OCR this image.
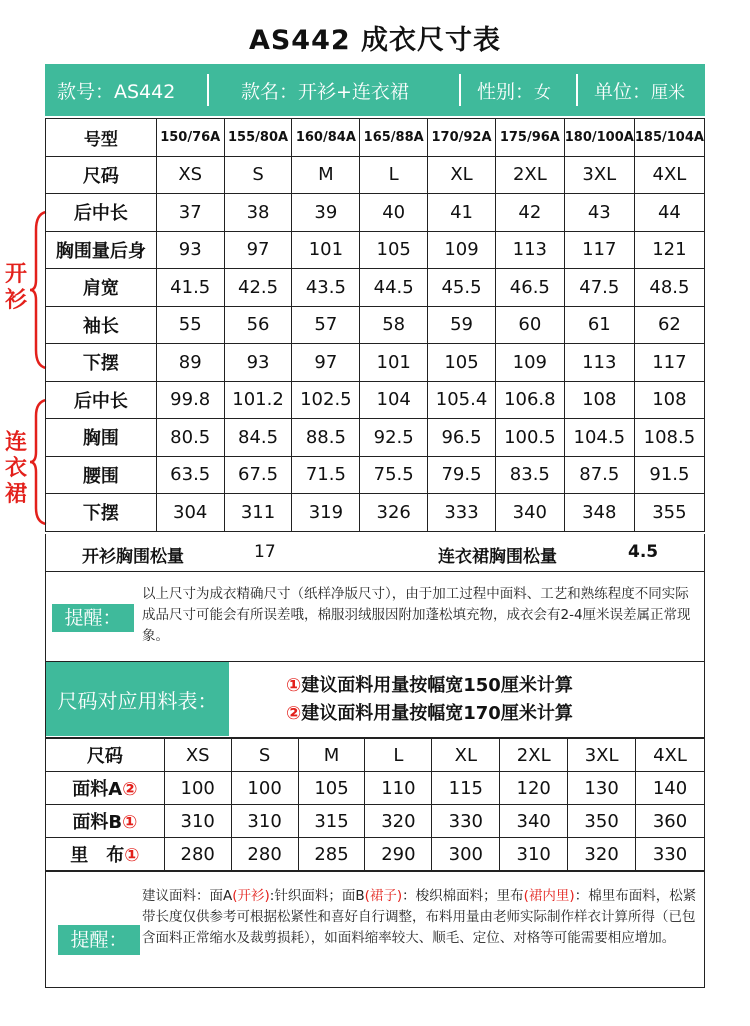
AS442 成衣尺寸表
款号：AS442	款名：开衫+连衣裙	性别： 女	单位： 厘米
开衫
连衣裙
号型	150/76A	155/80A	160/84A	165/88A	170/92A	175/96A	180/100A	185/104A
尺码	XS	S	M	L	XL	2XL	3XL	4XL
后中长	37	38	39	40	41	42	43	44
胸围量后身	93	97	101	105	109	113	117	121
肩宽	41.5	42.5	43.5	44.5	45.5	46.5	47.5	48.5
袖长	55	56	57	58	59	60	61	62
下摆	89	93	97	101	105	109	113	117
后中长	99.8	101.2	102.5	104	105.4	106.8	108	108
胸围	80.5	84.5	88.5	92.5	96.5	100.5	104.5	108.5
腰围	63.5	67.5	71.5	75.5	79.5	83.5	87.5	91.5
下摆	304	311	319	326	333	340	348	355
开衫胸围松量	17	连衣裙胸围松量	4.5
提醒：
以上尺寸为成衣精确尺寸（纸样净版尺寸），由于加工过程中面料、工艺和熟练程度不同实际成品尺寸可能会有所误差哦，棉服羽绒服因附加蓬松填充物，成衣会有2-4厘米误差属正常现象。
尺码对应用料表：
①建议面料用量按幅宽150厘米计算
②建议面料用量按幅宽170厘米计算
尺码	XS	S	M	L	XL	2XL	3XL	4XL
面料A②	100	100	105	110	115	120	130	140
面料B①	310	310	315	320	330	340	350	360
里　布①	280	280	285	290	300	310	320	330
提醒：
建议面料：面A(开衫):针织面料；面B(裙子)：梭织棉面料；里布(裙内里)：棉里布面料，松紧带长度仅供参考可根据松紧性和喜好自行调整，布料用量由老师实际制作样衣计算所得（已包含面料正常缩水及裁剪损耗），如面料缩率较大、顺毛、定位、对格等可能需要相应增加。
